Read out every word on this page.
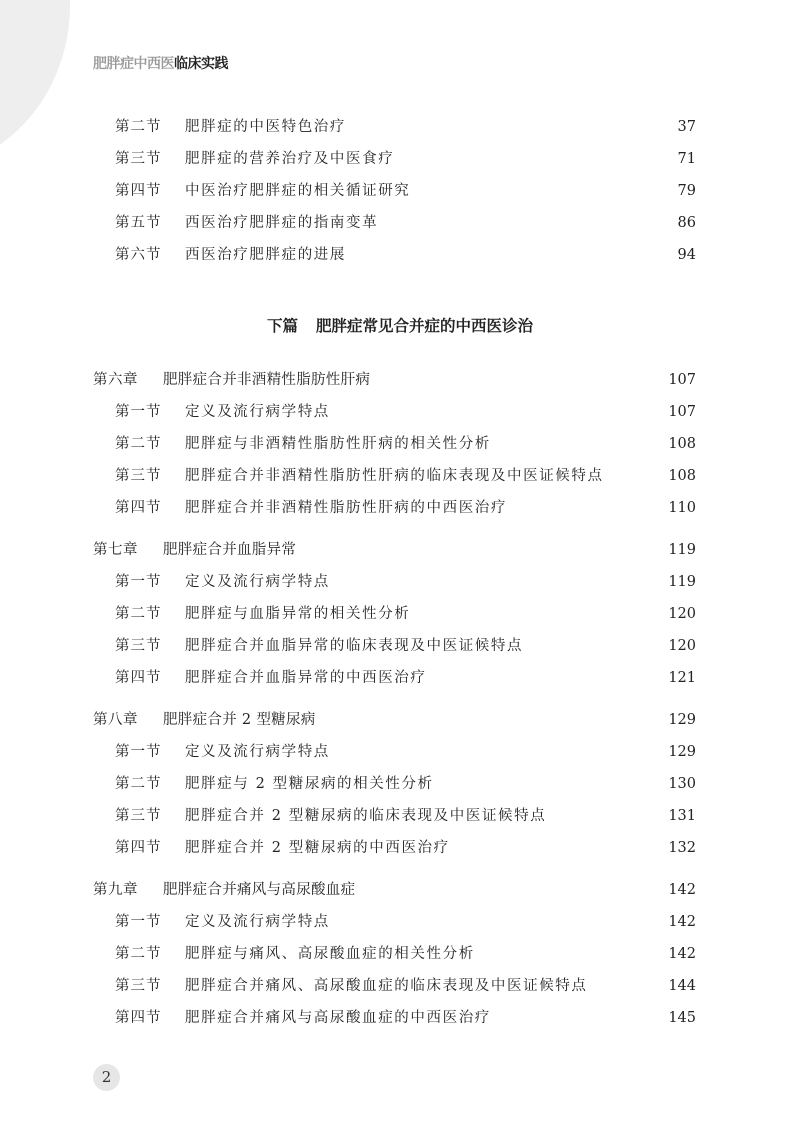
肥胖症中西医临床实践
下篇 肥胖症常见合并症的中西医诊治
第二节 肥胖症的中医特色治疗	37
第三节 肥胖症的营养治疗及中医食疗	71
第四节 中医治疗肥胖症的相关循证研究	79
第五节 西医治疗肥胖症的指南变革	86
第六节 西医治疗肥胖症的进展	94
第六章 肥胖症合并非酒精性脂肪性肝病	107
第一节 定义及流行病学特点	107
第二节 肥胖症与非酒精性脂肪性肝病的相关性分析	108
第三节 肥胖症合并非酒精性脂肪性肝病的临床表现及中医证候特点	108
第四节 肥胖症合并非酒精性脂肪性肝病的中西医治疗	110
第七章 肥胖症合并血脂异常	119
第一节 定义及流行病学特点	119
第二节 肥胖症与血脂异常的相关性分析	120
第三节 肥胖症合并血脂异常的临床表现及中医证候特点	120
第四节 肥胖症合并血脂异常的中西医治疗	121
第八章 肥胖症合并 2 型糖尿病	129
第一节 定义及流行病学特点	129
第二节 肥胖症与 2 型糖尿病的相关性分析	130
第三节 肥胖症合并 2 型糖尿病的临床表现及中医证候特点	131
第四节 肥胖症合并 2 型糖尿病的中西医治疗	132
第九章 肥胖症合并痛风与高尿酸血症	142
第一节 定义及流行病学特点	142
第二节 肥胖症与痛风、高尿酸血症的相关性分析	142
第三节 肥胖症合并痛风、高尿酸血症的临床表现及中医证候特点	144
第四节 肥胖症合并痛风与高尿酸血症的中西医治疗	145
2
